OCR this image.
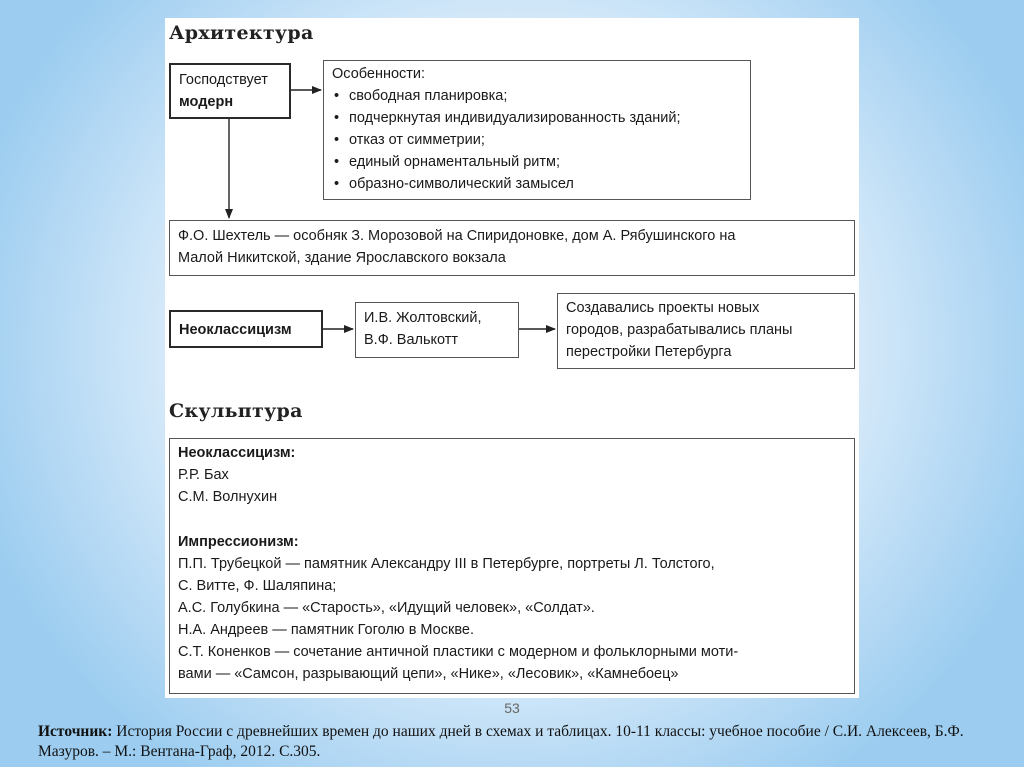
Архитектура
Господствует
модерн
Особенности:
• свободная планировка;
• подчеркнутая индивидуализированность зданий;
• отказ от симметрии;
• единый орнаментальный ритм;
• образно-символический замысел
Ф.О. Шехтель — особняк З. Морозовой на Спиридоновке, дом А. Рябушинского на
Малой Никитской, здание Ярославского вокзала
Неоклассицизм
И.В. Жолтовский,
В.Ф. Валькотт
Создавались проекты новых
городов, разрабатывались планы
перестройки Петербурга
Скульптура
Неоклассицизм:
Р.Р. Бах
С.М. Волнухин
Импрессионизм:
П.П. Трубецкой — памятник Александру III в Петербурге, портреты Л. Толстого,
С. Витте, Ф. Шаляпина;
А.С. Голубкина — «Старость», «Идущий человек», «Солдат».
Н.А. Андреев — памятник Гоголю в Москве.
С.Т. Коненков — сочетание античной пластики с модерном и фольклорными моти-
вами — «Самсон, разрывающий цепи», «Нике», «Лесовик», «Камнебоец»
53
Источник: История России с древнейших времен до наших дней в схемах и таблицах. 10-11 классы: учебное пособие / С.И. Алексеев, Б.Ф. Мазуров. – М.: Вентана-Граф, 2012. С.305.
